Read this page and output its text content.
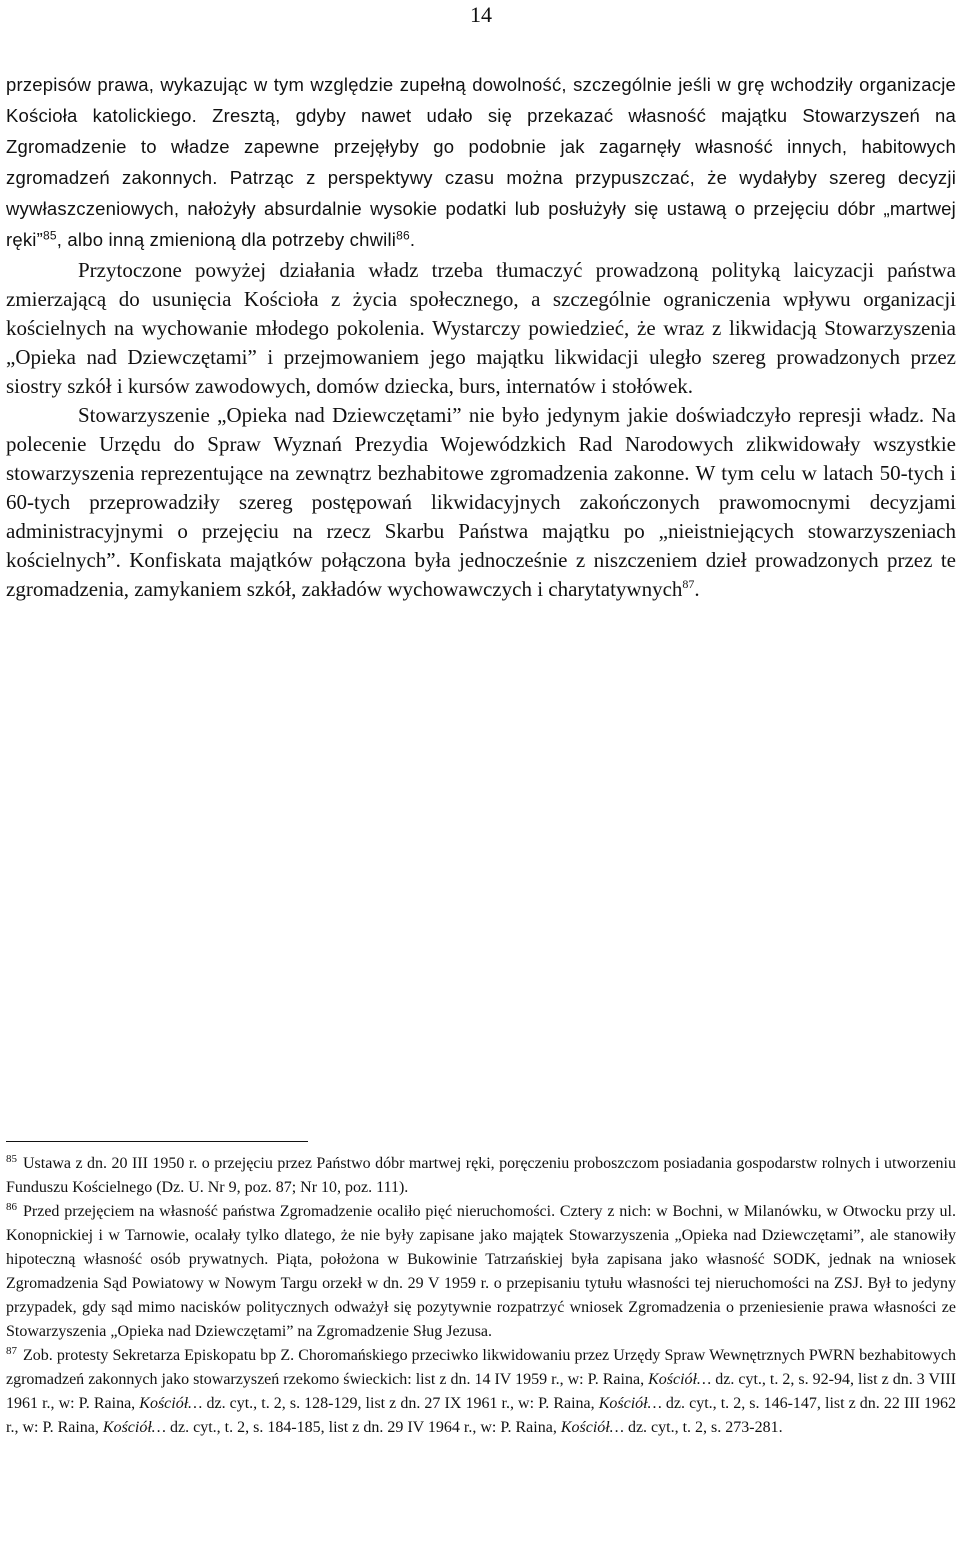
14

przepisów prawa, wykazując w tym względzie zupełną dowolność, szczególnie jeśli w grę wchodziły organizacje Kościoła katolickiego. Zresztą, gdyby nawet udało się przekazać własność majątku Stowarzyszeń na Zgromadzenie to władze zapewne przejęłyby go podobnie jak zagarnęły własność innych, habitowych zgromadzeń zakonnych. Patrząc z perspektywy czasu można przypuszczać, że wydałyby szereg decyzji wywłaszczeniowych, nałożyły absurdalnie wysokie podatki lub posłużyły się ustawą o przejęciu dóbr „martwej ręki”$^{85}$, albo inną zmienioną dla potrzeby chwili$^{86}$.

Przytoczone powyżej działania władz trzeba tłumaczyć prowadzoną polityką laicyzacji państwa zmierzającą do usunięcia Kościoła z życia społecznego, a szczególnie ograniczenia wpływu organizacji kościelnych na wychowanie młodego pokolenia. Wystarczy powiedzieć, że wraz z likwidacją Stowarzyszenia „Opieka nad Dziewczętami” i przejmowaniem jego majątku likwidacji uległo szereg prowadzonych przez siostry szkół i kursów zawodowych, domów dziecka, burs, internatów i stołówek.

Stowarzyszenie „Opieka nad Dziewczętami” nie było jedynym jakie doświadczyło represji władz. Na polecenie Urzędu do Spraw Wyznań Prezydia Wojewódzkich Rad Narodowych zlikwidowały wszystkie stowarzyszenia reprezentujące na zewnątrz bezhabitowe zgromadzenia zakonne. W tym celu w latach 50-tych i 60-tych przeprowadziły szereg postępowań likwidacyjnych zakończonych prawomocnymi decyzjami administracyjnymi o przejęciu na rzecz Skarbu Państwa majątku po „nieistniejących stowarzyszeniach kościelnych”. Konfiskata majątków połączona była jednocześnie z niszczeniem dzieł prowadzonych przez te zgromadzenia, zamykaniem szkół, zakładów wychowawczych i charytatywnych$^{87}$.

$^{85}$ Ustawa z dn. 20 III 1950 r. o przejęciu przez Państwo dóbr martwej ręki, poręczeniu proboszczom posiadania gospodarstw rolnych i utworzeniu Funduszu Kościelnego (Dz. U. Nr 9, poz. 87; Nr 10, poz. 111).

$^{86}$ Przed przejęciem na własność państwa Zgromadzenie ocaliło pięć nieruchomości. Cztery z nich: w Bochni, w Milanówku, w Otwocku przy ul. Konopnickiej i w Tarnowie, ocalały tylko dlatego, że nie były zapisane jako majątek Stowarzyszenia „Opieka nad Dziewczętami”, ale stanowiły hipoteczną własność osób prywatnych. Piąta, położona w Bukowinie Tatrzańskiej była zapisana jako własność SODK, jednak na wniosek Zgromadzenia Sąd Powiatowy w Nowym Targu orzekł w dn. 29 V 1959 r. o przepisaniu tytułu własności tej nieruchomości na ZSJ. Był to jedyny przypadek, gdy sąd mimo nacisków politycznych odważył się pozytywnie rozpatrzyć wniosek Zgromadzenia o przeniesienie prawa własności ze Stowarzyszenia „Opieka nad Dziewczętami” na Zgromadzenie Sług Jezusa.

$^{87}$ Zob. protesty Sekretarza Episkopatu bp Z. Choromańskiego przeciwko likwidowaniu przez Urzędy Spraw Wewnętrznych PWRN bezhabitowych zgromadzeń zakonnych jako stowarzyszeń rzekomo świeckich: list z dn. 14 IV 1959 r., w: P. Raina, Kościół… dz. cyt., t. 2, s. 92-94, list z dn. 3 VIII 1961 r., w: P. Raina, Kościół… dz. cyt., t. 2, s. 128-129, list z dn. 27 IX 1961 r., w: P. Raina, Kościół… dz. cyt., t. 2, s. 146-147, list z dn. 22 III 1962 r., w: P. Raina, Kościół… dz. cyt., t. 2, s. 184-185, list z dn. 29 IV 1964 r., w: P. Raina, Kościół… dz. cyt., t. 2, s. 273-281.
